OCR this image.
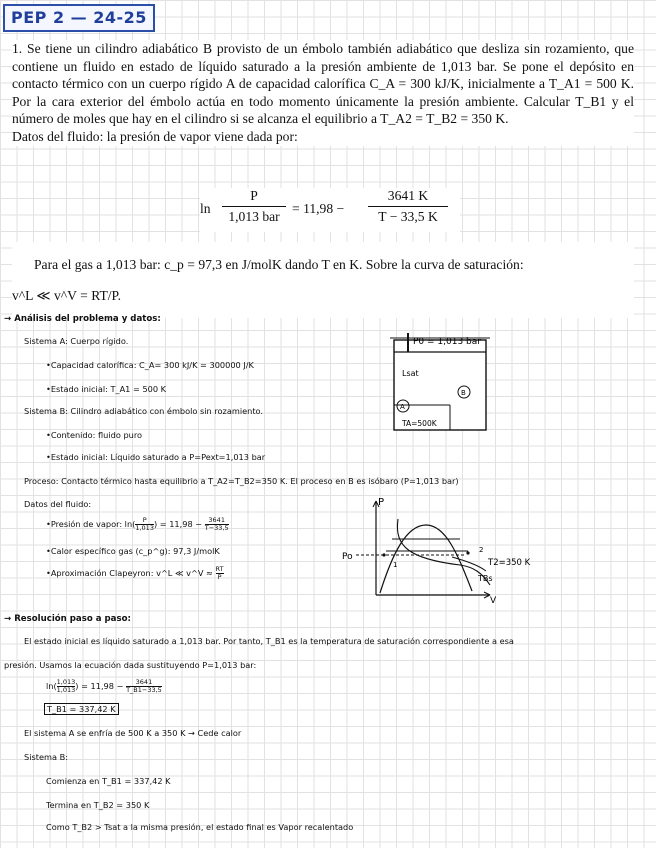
PEP 2 — 24-25

1. Se tiene un cilindro adiabático B provisto de un émbolo también adiabático que desliza sin rozamiento, que contiene un fluido en estado de líquido saturado a la presión ambiente de 1,013 bar. Se pone el depósito en contacto térmico con un cuerpo rígido A de capacidad calorífica C_A = 300 kJ/K, inicialmente a T_A1 = 500 K. Por la cara exterior del émbolo actúa en todo momento únicamente la presión ambiente. Calcular T_B1 y el número de moles que hay en el cilindro si se alcanza el equilibrio a T_A2 = T_B2 = 350 K.

Datos del fluido: la presión de vapor viene dada por:

ln
P
1,013 bar
= $11,98 - \frac{3641 K}{T - 33,5 K}$

Para el gas a 1,013 bar: c_p = 97,3 en J/molK dando T en K. Sobre la curva de saturación:

v^L ≪ v^V = RT/P.

→ Análisis del problema y datos:
Sistema A: Cuerpo rígido.
•Capacidad calorífica: C_A= 300 kJ/K = 300000 J/K
•Estado inicial: T_A1 = 500 K
Sistema B: Cilindro adiabático con émbolo sin rozamiento.
•Contenido: fluido puro
•Estado inicial: Líquido saturado a P=Pext=1,013 bar
Proceso: Contacto térmico hasta equilibrio a T_A2=T_B2=350 K. El proceso en B es isóbaro (P=1,013 bar)
Datos del fluido:
•Presión de vapor: $\ln( \frac{P}{1,013}$ ) = $11,98 - \frac{3641}{T-33,5}$
•Calor específico gas (c_p^g): 97,3 J/molK
•Aproximación Clapeyron: v^L ≪ v^V ≈ $\frac{RT}{P}$
→ Resolución paso a paso:
El estado inicial es líquido saturado a 1,013 bar. Por tanto, T_B1 es la temperatura de saturación correspondiente a esa
presión. Usamos la ecuación dada sustituyendo P=1,013 bar:
$\ln( \frac{1,013}{1,013}$ ) = $11,98 - \frac{3641}{T\_B1-33,5}$
T_B1 = 337,42 K
El sistema A se enfría de 500 K a 350 K → Cede calor
Sistema B:
Comienza en T_B1 = 337,42 K
Termina en T_B2 = 350 K
Como T_B2 > Tsat a la misma presión, el estado final es Vapor recalentado
P0 = 1,013 bar
Lsat
B
A
TA=500K
P
V
Po
1
2
T2=350 K
TBs
